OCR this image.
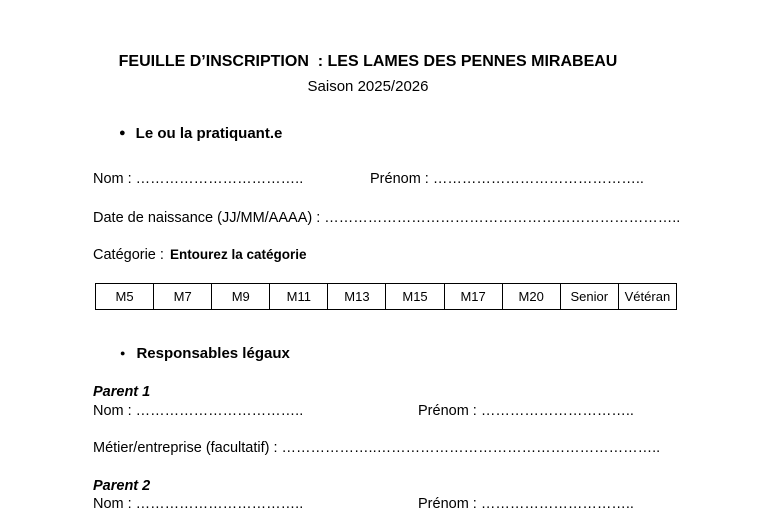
FEUILLE D’INSCRIPTION  : LES LAMES DES PENNES MIRABEAU
Saison 2025/2026
● Le ou la pratiquant.e
Nom : ……………………………..	Prénom : ……………………………………..
Date de naissance (JJ/MM/AAAA) : ………………………………………………………………..
Catégorie : Entourez la catégorie
M5	M7	M9	M11	M13	M15	M17	M20	Senior	Vétéran
● Responsables légaux
Parent 1
Nom : ……………………………..	Prénom : …………………………..
Métier/entreprise (facultatif) : ………………..…………………………………………………..
Parent 2
Nom : ……………………………..	Prénom : …………………………..
